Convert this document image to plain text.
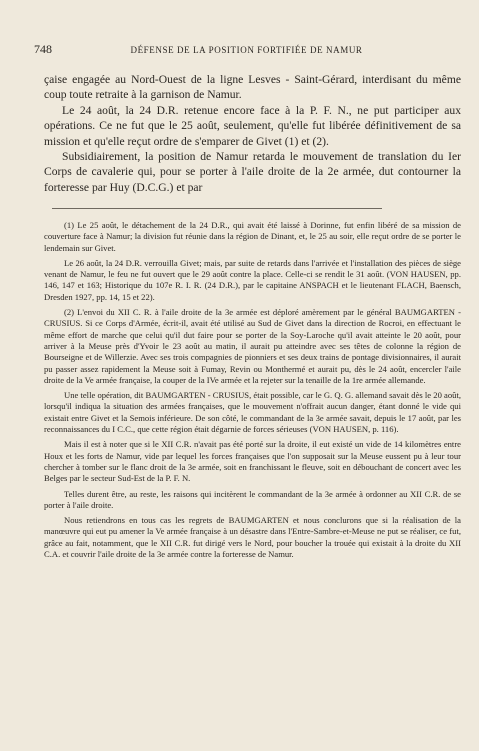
748	DÉFENSE DE LA POSITION FORTIFIÉE DE NAMUR

çaise engagée au Nord-Ouest de la ligne Lesves - Saint-Gérard, interdisant du même coup toute retraite à la garnison de Namur.

Le 24 août, la 24 D.R. retenue encore face à la P. F. N., ne put participer aux opérations. Ce ne fut que le 25 août, seulement, qu'elle fut libérée définitivement de sa mission et qu'elle reçut ordre de s'emparer de Givet (1) et (2).

Subsidiairement, la position de Namur retarda le mouvement de translation du Ier Corps de cavalerie qui, pour se porter à l'aile droite de la 2e armée, dut contourner la forteresse par Huy (D.C.G.) et par

(1) Le 25 août, le détachement de la 24 D.R., qui avait été laissé à Dorinne, fut enfin libéré de sa mission de couverture face à Namur; la division fut réunie dans la région de Dinant, et, le 25 au soir, elle reçut ordre de se porter le lendemain sur Givet.

Le 26 août, la 24 D.R. verrouilla Givet; mais, par suite de retards dans l'arrivée et l'installation des pièces de siège venant de Namur, le feu ne fut ouvert que le 29 août contre la place. Celle-ci se rendit le 31 août. (VON HAUSEN, pp. 146, 147 et 163; Historique du 107e R. I. R. (24 D.R.), par le capitaine ANSPACH et le lieutenant FLACH, Baensch, Dresden 1927, pp. 14, 15 et 22).

(2) L'envoi du XII C. R. à l'aile droite de la 3e armée est déploré amèrement par le général BAUMGARTEN - CRUSIUS. Si ce Corps d'Armée, écrit-il, avait été utilisé au Sud de Givet dans la direction de Rocroi, en effectuant le même effort de marche que celui qu'il dut faire pour se porter de la Soy-Laroche qu'il avait atteinte le 20 août, pour arriver à la Meuse près d'Yvoir le 23 août au matin, il aurait pu atteindre avec ses têtes de colonne la région de Bourseigne et de Willerzie. Avec ses trois compagnies de pionniers et ses deux trains de pontage divisionnaires, il aurait pu passer assez rapidement la Meuse soit à Fumay, Revin ou Monthermé et aurait pu, dès le 24 août, encercler l'aile droite de la Ve armée française, la couper de la IVe armée et la rejeter sur la tenaille de la 1re armée allemande.

Une telle opération, dit BAUMGARTEN - CRUSIUS, était possible, car le G. Q. G. allemand savait dès le 20 août, lorsqu'il indiqua la situation des armées françaises, que le mouvement n'offrait aucun danger, étant donné le vide qui existait entre Givet et la Semois inférieure. De son côté, le commandant de la 3e armée savait, depuis le 17 août, par les reconnaissances du I C.C., que cette région était dégarnie de forces sérieuses (VON HAUSEN, p. 116).

Mais il est à noter que si le XII C.R. n'avait pas été porté sur la droite, il eut existé un vide de 14 kilomètres entre Houx et les forts de Namur, vide par lequel les forces françaises que l'on supposait sur la Meuse eussent pu à leur tour chercher à tomber sur le flanc droit de la 3e armée, soit en franchissant le fleuve, soit en débouchant de concert avec les Belges par le secteur Sud-Est de la P. F. N.

Telles durent être, au reste, les raisons qui incitèrent le commandant de la 3e armée à ordonner au XII C.R. de se porter à l'aile droite.

Nous retiendrons en tous cas les regrets de BAUMGARTEN et nous conclurons que si la réalisation de la manœuvre qui eut pu amener la Ve armée française à un désastre dans l'Entre-Sambre-et-Meuse ne put se réaliser, ce fut, grâce au fait, notamment, que le XII C.R. fut dirigé vers le Nord, pour boucher la trouée qui existait à la droite du XII C.A. et couvrir l'aile droite de la 3e armée contre la forteresse de Namur.
